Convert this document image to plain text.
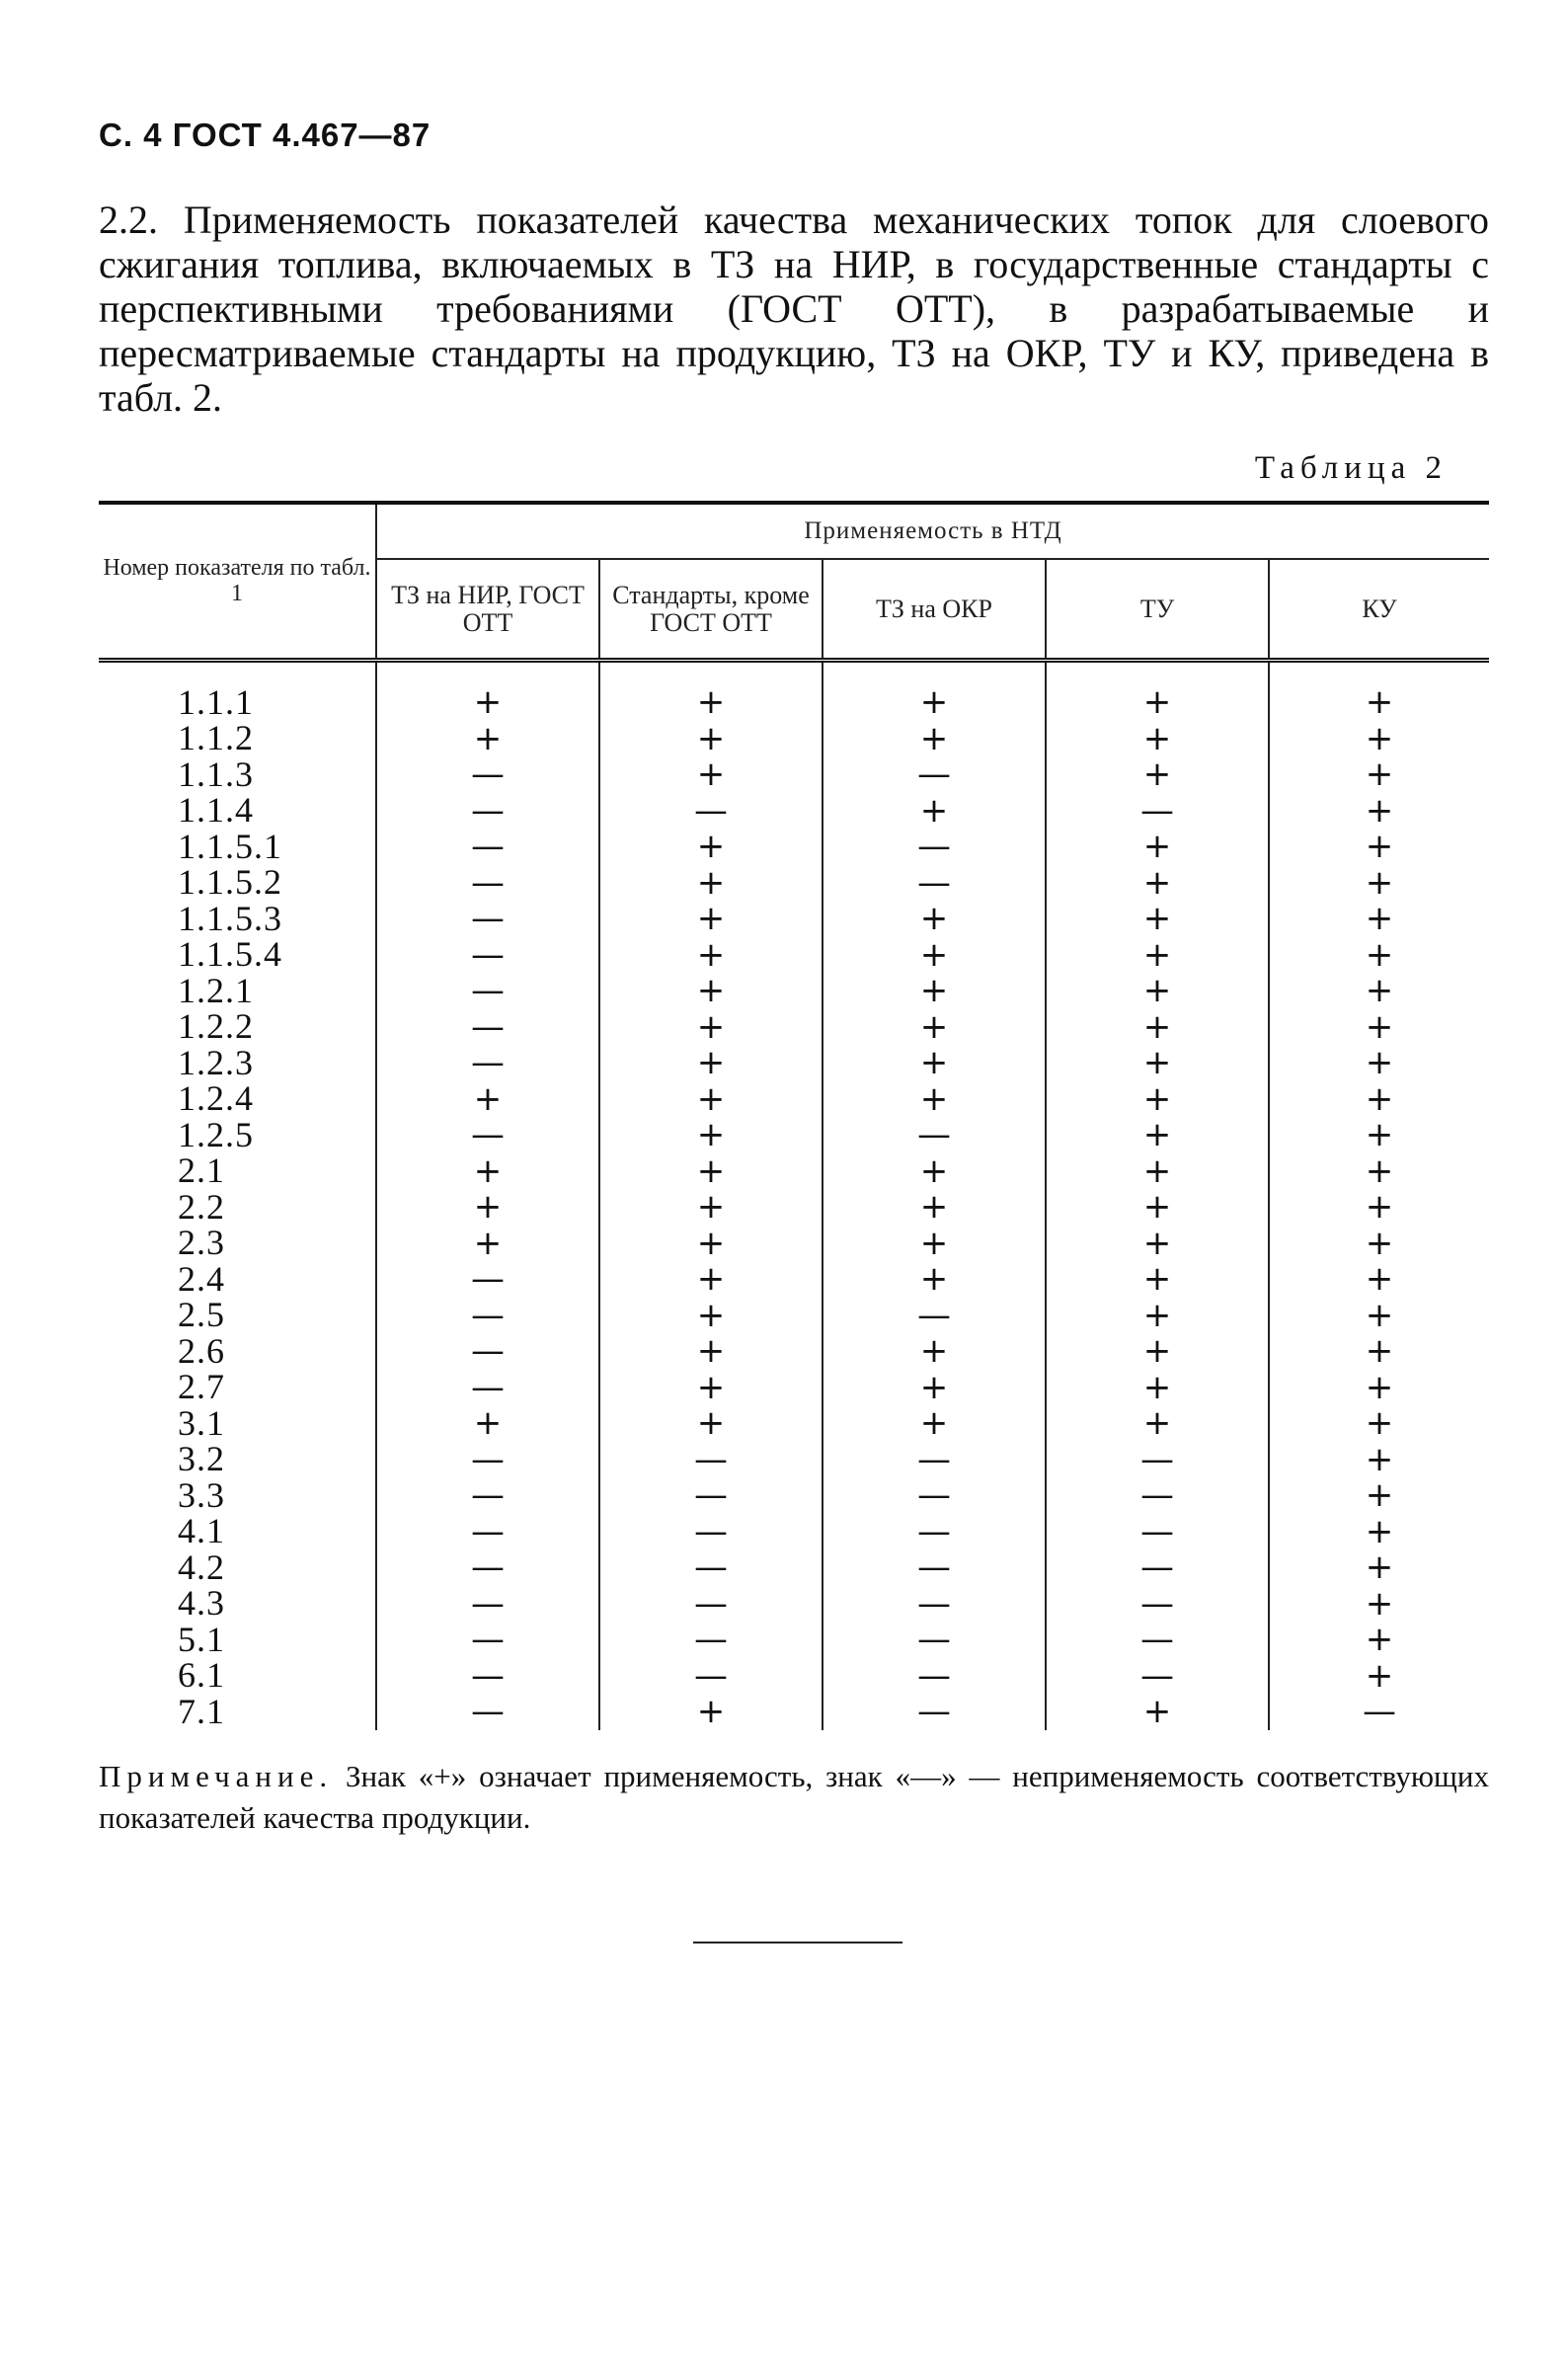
С. 4 ГОСТ 4.467—87

2.2. Применяемость показателей качества механических топок для слоевого сжигания топлива, включаемых в ТЗ на НИР, в государственные стандарты с перспективными требованиями (ГОСТ ОТТ), в разрабатываемые и пересматриваемые стандарты на продукцию, ТЗ на ОКР, ТУ и КУ, приведена в табл. 2.

Таблица 2
Номер показателя по табл. 1	Применяемость в НТД				
	ТЗ на НИР, ГОСТ ОТТ	Стандарты, кроме ГОСТ ОТТ	ТЗ на ОКР	ТУ	КУ
1.1.1	+	+	+	+	+
1.1.2	+	+	+	+	+
1.1.3	—	+	—	+	+
1.1.4	—	—	+	—	+
1.1.5.1	—	+	—	+	+
1.1.5.2	—	+	—	+	+
1.1.5.3	—	+	+	+	+
1.1.5.4	—	+	+	+	+
1.2.1	—	+	+	+	+
1.2.2	—	+	+	+	+
1.2.3	—	+	+	+	+
1.2.4	+	+	+	+	+
1.2.5	—	+	—	+	+
2.1	+	+	+	+	+
2.2	+	+	+	+	+
2.3	+	+	+	+	+
2.4	—	+	+	+	+
2.5	—	+	—	+	+
2.6	—	+	+	+	+
2.7	—	+	+	+	+
3.1	+	+	+	+	+
3.2	—	—	—	—	+
3.3	—	—	—	—	+
4.1	—	—	—	—	+
4.2	—	—	—	—	+
4.3	—	—	—	—	+
5.1	—	—	—	—	+
6.1	—	—	—	—	+
7.1	—	+	—	+	—
Примечание. Знак «+» означает применяемость, знак «—» — неприменяемость соответствующих показателей качества продукции.
